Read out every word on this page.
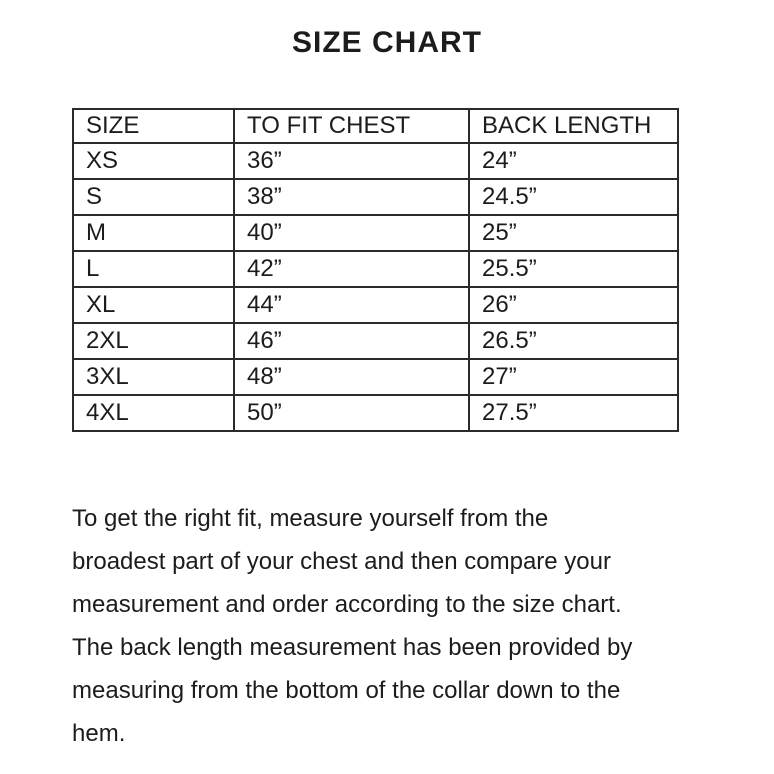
SIZE CHART
SIZE	TO FIT CHEST	BACK LENGTH
XS	36”	24”
S	38”	24.5”
M	40”	25”
L	42”	25.5”
XL	44”	26”
2XL	46”	26.5”
3XL	48”	27”
4XL	50”	27.5”
To get the right fit, measure yourself from the
broadest part of your chest and then compare your
measurement and order according to the size chart.
The back length measurement has been provided by
measuring from the bottom of the collar down to the
hem.
